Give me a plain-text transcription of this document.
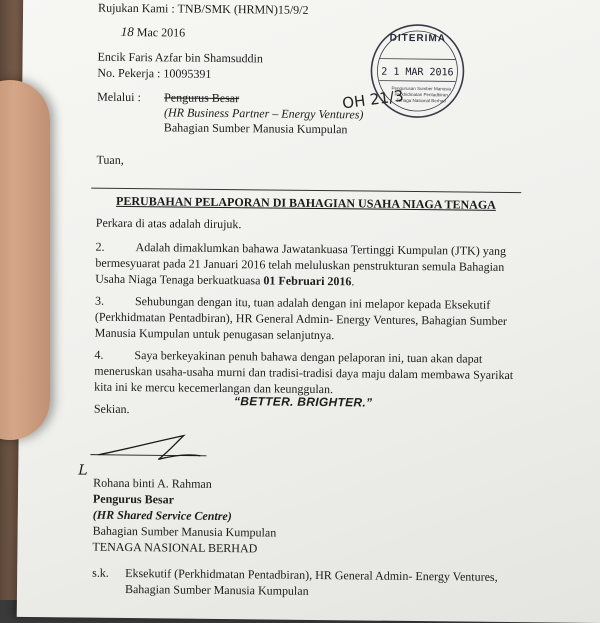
Rujukan Kami : TNB/SMK (HRMN)15/9/2
18 Mac 2016
Encik Faris Azfar bin Shamsuddin
No. Pekerja : 10095391
Melalui : Pengurus Besar
(HR Business Partner – Energy Ventures)
Bahagian Sumber Manusia Kumpulan
DITERIMA
2 1 MAR 2016
Pengurusan Sumber Manusia
Perkhidmatan Pentadbiran
Tenaga Nasional Berhad
OH 21/3
Tuan,
PERUBAHAN PELAPORAN DI BAHAGIAN USAHA NIAGA TENAGA
Perkara di atas adalah dirujuk.
2.	Adalah dimaklumkan bahawa Jawatankuasa Tertinggi Kumpulan (JTK) yang
bermesyuarat pada 21 Januari 2016 telah meluluskan penstrukturan semula Bahagian
Usaha Niaga Tenaga berkuatkuasa 01 Februari 2016.
3.	Sehubungan dengan itu, tuan adalah dengan ini melapor kepada Eksekutif
(Perkhidmatan Pentadbiran), HR General Admin- Energy Ventures, Bahagian Sumber
Manusia Kumpulan untuk penugasan selanjutnya.
4.	Saya berkeyakinan penuh bahawa dengan pelaporan ini, tuan akan dapat
meneruskan usaha-usaha murni dan tradisi-tradisi daya maju dalam membawa Syarikat
kita ini ke mercu kecemerlangan dan keunggulan.
Sekian.	“BETTER. BRIGHTER.”
L
Rohana binti A. Rahman
Pengurus Besar
(HR Shared Service Centre)
Bahagian Sumber Manusia Kumpulan
TENAGA NASIONAL BERHAD
s.k. Eksekutif (Perkhidmatan Pentadbiran), HR General Admin- Energy Ventures,
Bahagian Sumber Manusia Kumpulan
